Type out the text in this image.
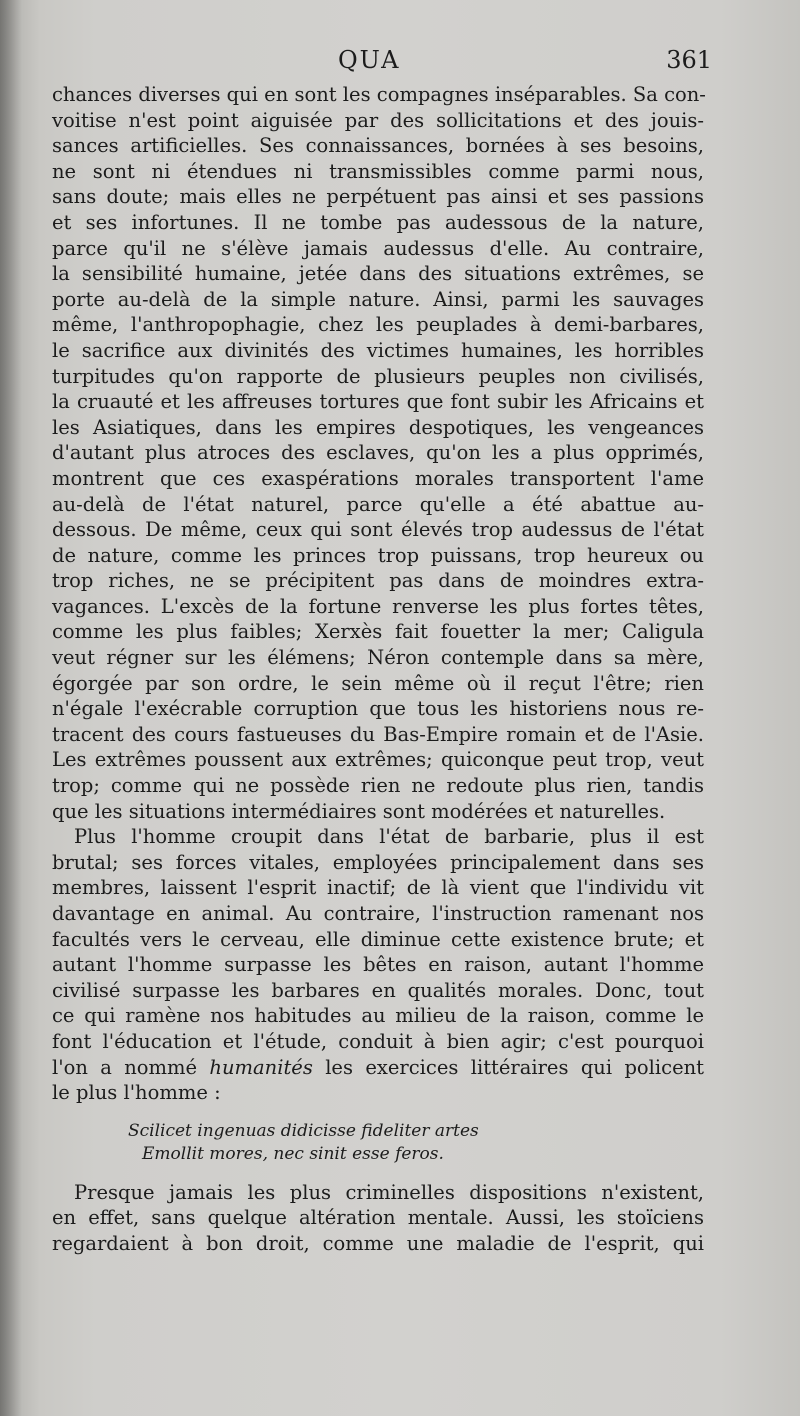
QUA	361
chances diverses qui en sont les compagnes inséparables. Sa con-
voitise n'est point aiguisée par des sollicitations et des jouis-
sances artificielles. Ses connaissances, bornées à ses besoins,
ne sont ni étendues ni transmissibles comme parmi nous,
sans doute; mais elles ne perpétuent pas ainsi et ses passions
et ses infortunes. Il ne tombe pas audessous de la nature,
parce qu'il ne s'élève jamais audessus d'elle. Au contraire,
la sensibilité humaine, jetée dans des situations extrêmes, se
porte au-delà de la simple nature. Ainsi, parmi les sauvages
même, l'anthropophagie, chez les peuplades à demi-barbares,
le sacrifice aux divinités des victimes humaines, les horribles
turpitudes qu'on rapporte de plusieurs peuples non civilisés,
la cruauté et les affreuses tortures que font subir les Africains et
les Asiatiques, dans les empires despotiques, les vengeances
d'autant plus atroces des esclaves, qu'on les a plus opprimés,
montrent que ces exaspérations morales transportent l'ame
au-delà de l'état naturel, parce qu'elle a été abattue au-
dessous. De même, ceux qui sont élevés trop audessus de l'état
de nature, comme les princes trop puissans, trop heureux ou
trop riches, ne se précipitent pas dans de moindres extra-
vagances. L'excès de la fortune renverse les plus fortes têtes,
comme les plus faibles; Xerxès fait fouetter la mer; Caligula
veut régner sur les élémens; Néron contemple dans sa mère,
égorgée par son ordre, le sein même où il reçut l'être; rien
n'égale l'exécrable corruption que tous les historiens nous re-
tracent des cours fastueuses du Bas-Empire romain et de l'Asie.
Les extrêmes poussent aux extrêmes; quiconque peut trop, veut
trop; comme qui ne possède rien ne redoute plus rien, tandis
que les situations intermédiaires sont modérées et naturelles.
Plus l'homme croupit dans l'état de barbarie, plus il est
brutal; ses forces vitales, employées principalement dans ses
membres, laissent l'esprit inactif; de là vient que l'individu vit
davantage en animal. Au contraire, l'instruction ramenant nos
facultés vers le cerveau, elle diminue cette existence brute; et
autant l'homme surpasse les bêtes en raison, autant l'homme
civilisé surpasse les barbares en qualités morales. Donc, tout
ce qui ramène nos habitudes au milieu de la raison, comme le
font l'éducation et l'étude, conduit à bien agir; c'est pourquoi
l'on a nommé humanités les exercices littéraires qui policent
le plus l'homme :
Scilicet ingenuas didicisse fideliter artes
Emollit mores, nec sinit esse feros.
Presque jamais les plus criminelles dispositions n'existent,
en effet, sans quelque altération mentale. Aussi, les stoïciens
regardaient à bon droit, comme une maladie de l'esprit, qui
